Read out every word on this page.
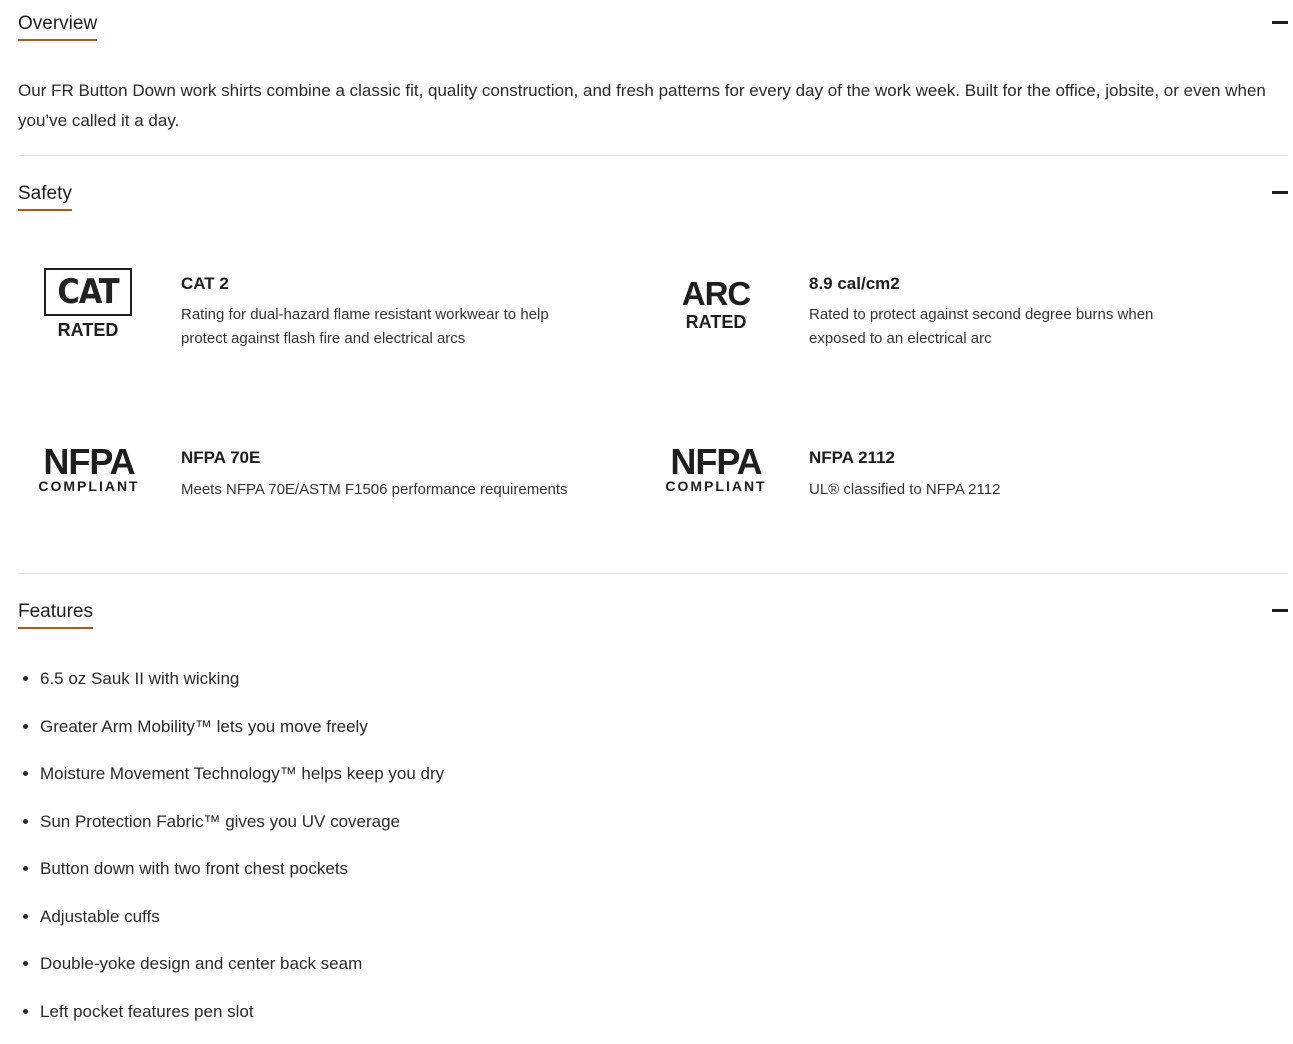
Overview

Our FR Button Down work shirts combine a classic fit, quality construction, and fresh patterns for every day of the work week. Built for the office, jobsite, or even when you’ve called it a day.

Safety
CAT
RATED
CAT 2
Rating for dual-hazard flame resistant workwear to help protect against flash fire and electrical arcs
ARC
RATED
8.9 cal/cm2
Rated to protect against second degree burns when exposed to an electrical arc
NFPA
COMPLIANT
NFPA 70E
Meets NFPA 70E/ASTM F1506 performance requirements
NFPA
COMPLIANT
NFPA 2112
UL® classified to NFPA 2112
Features
• 6.5 oz Sauk II with wicking
• Greater Arm Mobility™ lets you move freely
• Moisture Movement Technology™ helps keep you dry
• Sun Protection Fabric™ gives you UV coverage
• Button down with two front chest pockets
• Adjustable cuffs
• Double-yoke design and center back seam
• Left pocket features pen slot
